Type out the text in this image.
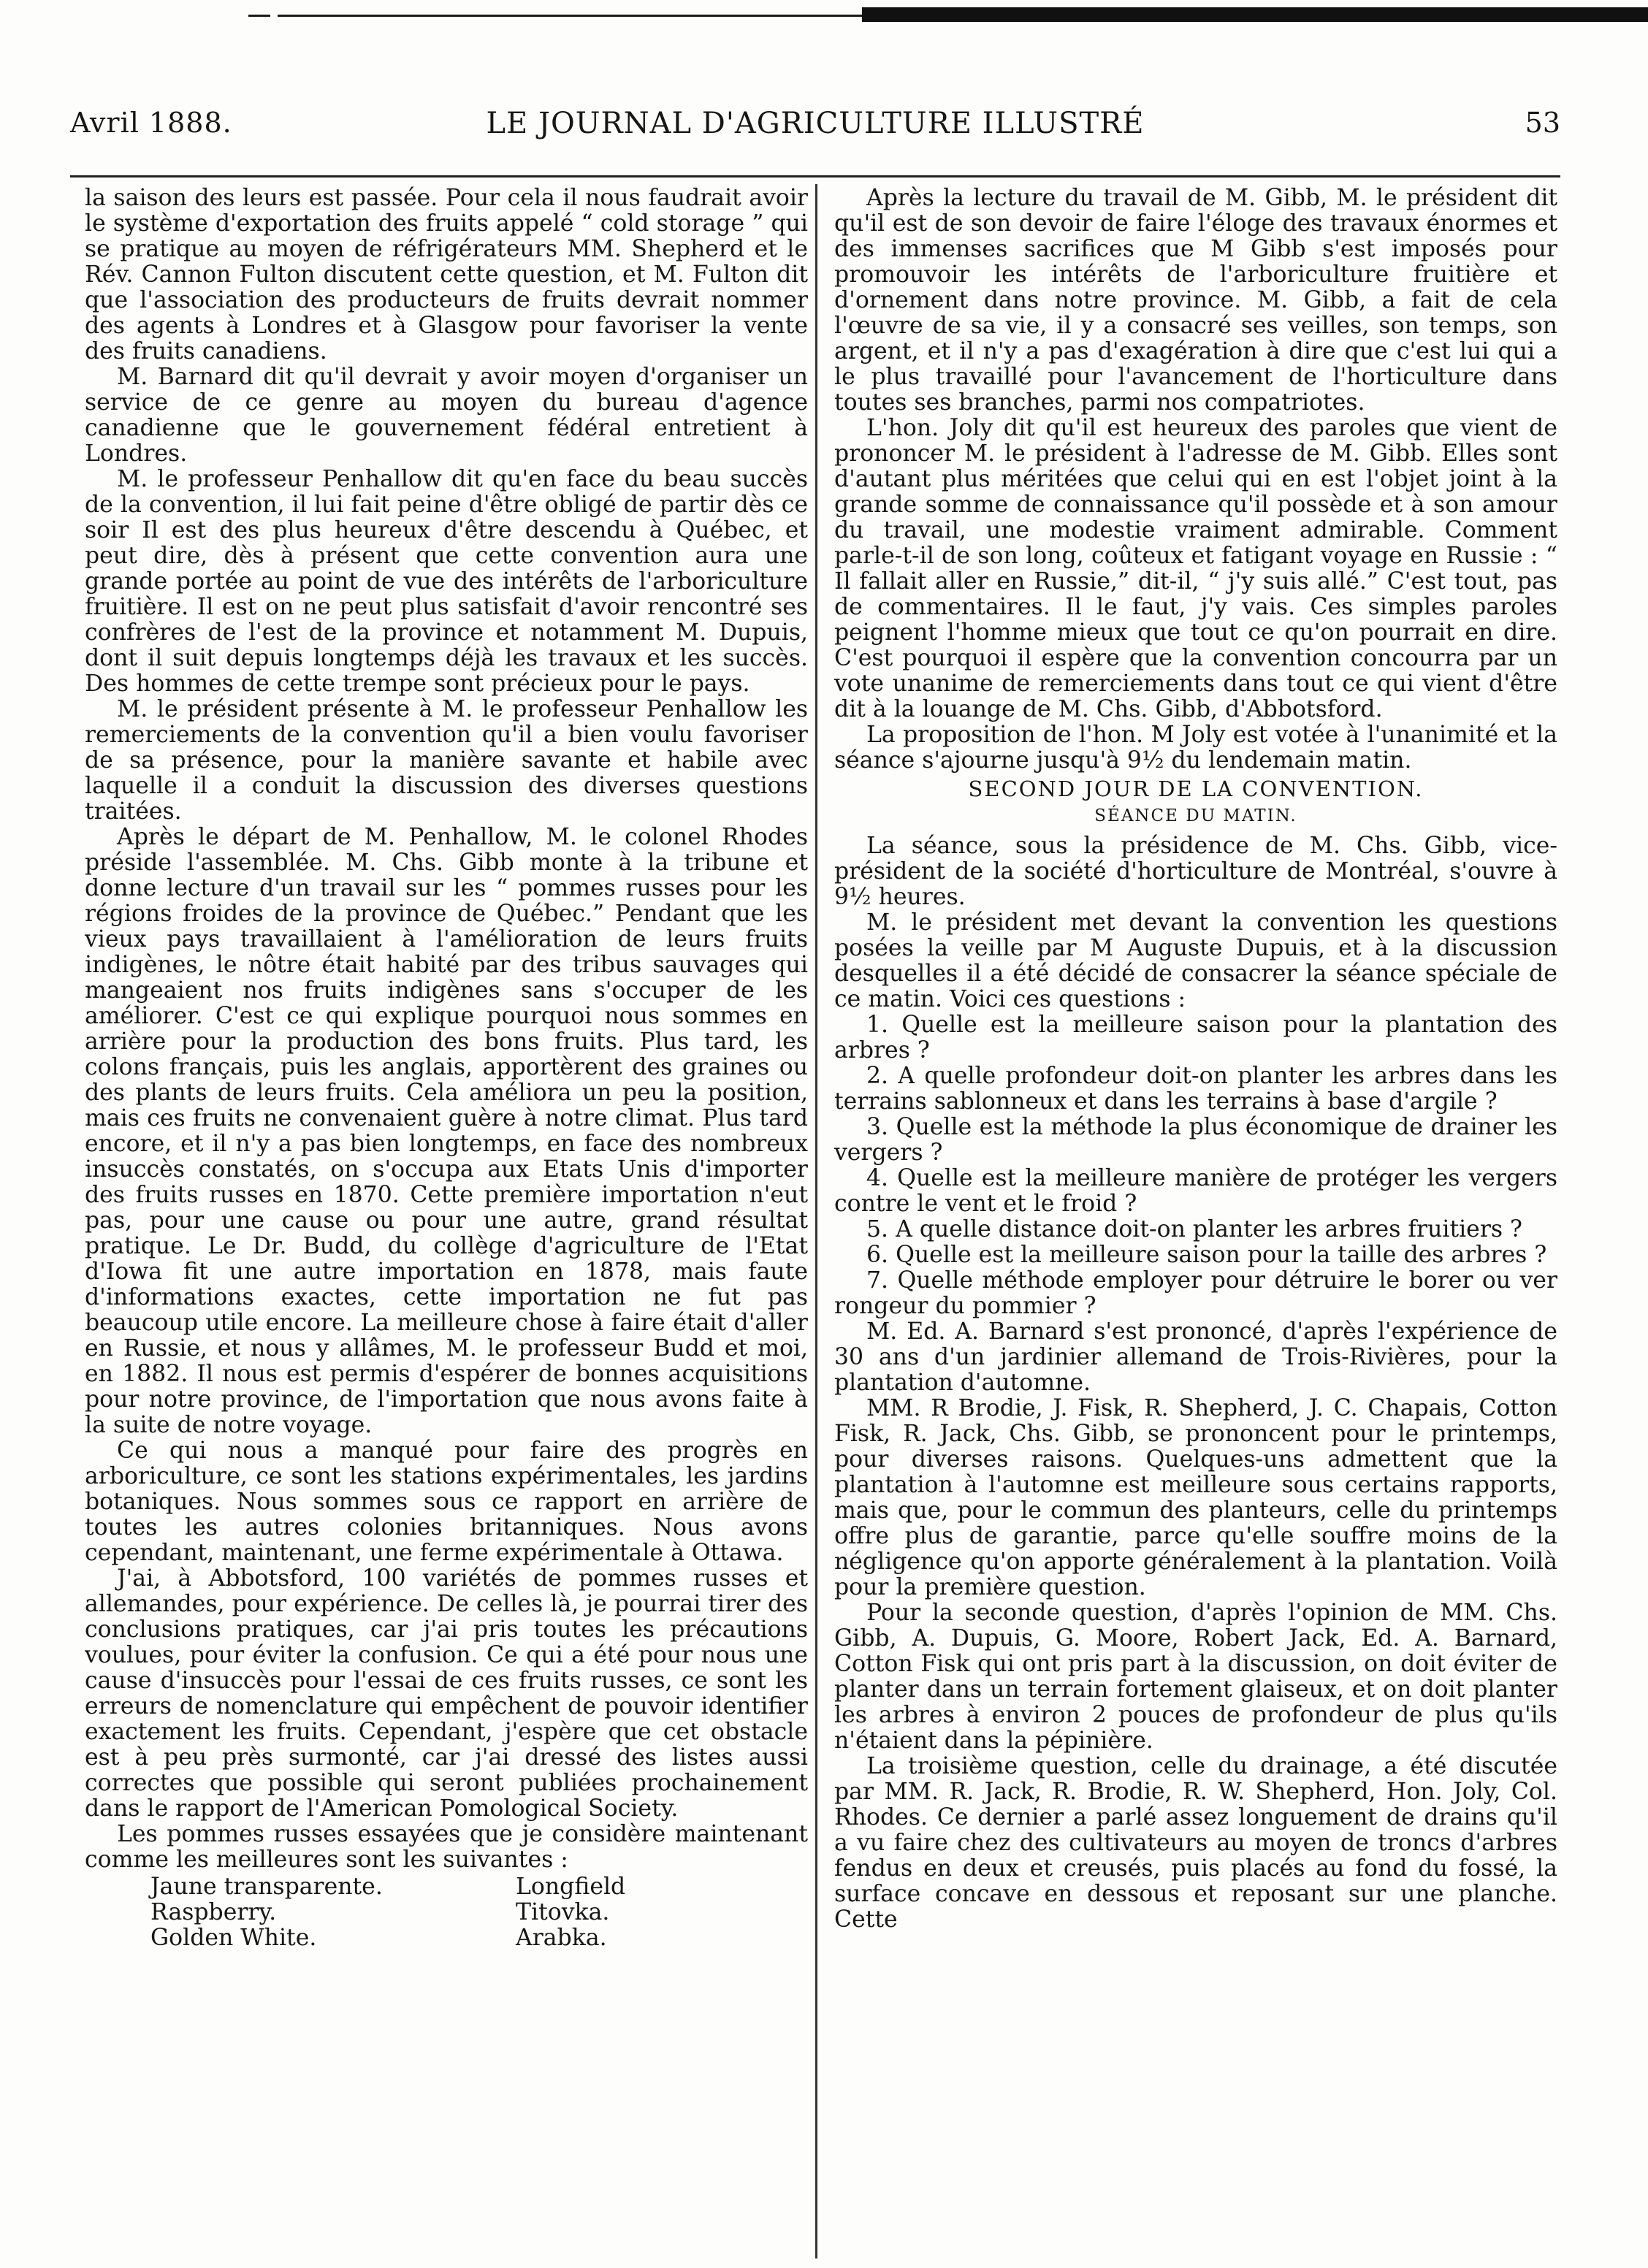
LE JOURNAL D'AGRICULTURE ILLUSTRÉ
Avril 1888.	53

la saison des leurs est passée. Pour cela il nous faudrait avoir le système d'exportation des fruits appelé “ cold storage ” qui se pratique au moyen de réfrigérateurs MM. Shepherd et le Rév. Cannon Fulton discutent cette question, et M. Fulton dit que l'association des producteurs de fruits devrait nommer des agents à Londres et à Glasgow pour favoriser la vente des fruits canadiens.

M. Barnard dit qu'il devrait y avoir moyen d'organiser un service de ce genre au moyen du bureau d'agence canadienne que le gouvernement fédéral entretient à Londres.

M. le professeur Penhallow dit qu'en face du beau succès de la convention, il lui fait peine d'être obligé de partir dès ce soir Il est des plus heureux d'être descendu à Québec, et peut dire, dès à présent que cette convention aura une grande portée au point de vue des intérêts de l'arboriculture fruitière. Il est on ne peut plus satisfait d'avoir rencontré ses confrères de l'est de la province et notamment M. Dupuis, dont il suit depuis longtemps déjà les travaux et les succès. Des hommes de cette trempe sont précieux pour le pays.

M. le président présente à M. le professeur Penhallow les remerciements de la convention qu'il a bien voulu favoriser de sa présence, pour la manière savante et habile avec laquelle il a conduit la discussion des diverses questions traitées.

Après le départ de M. Penhallow, M. le colonel Rhodes préside l'assemblée. M. Chs. Gibb monte à la tribune et donne lecture d'un travail sur les “ pommes russes pour les régions froides de la province de Québec.” Pendant que les vieux pays travaillaient à l'amélioration de leurs fruits indigènes, le nôtre était habité par des tribus sauvages qui mangeaient nos fruits indigènes sans s'occuper de les améliorer. C'est ce qui explique pourquoi nous sommes en arrière pour la production des bons fruits. Plus tard, les colons français, puis les anglais, apportèrent des graines ou des plants de leurs fruits. Cela améliora un peu la position, mais ces fruits ne convenaient guère à notre climat. Plus tard encore, et il n'y a pas bien longtemps, en face des nombreux insuccès constatés, on s'occupa aux Etats Unis d'importer des fruits russes en 1870. Cette première importation n'eut pas, pour une cause ou pour une autre, grand résultat pratique. Le Dr. Budd, du collège d'agriculture de l'Etat d'Iowa fit une autre importation en 1878, mais faute d'informations exactes, cette importation ne fut pas beaucoup utile encore. La meilleure chose à faire était d'aller en Russie, et nous y allâmes, M. le professeur Budd et moi, en 1882. Il nous est permis d'espérer de bonnes acquisitions pour notre province, de l'importation que nous avons faite à la suite de notre voyage.

Ce qui nous a manqué pour faire des progrès en arboriculture, ce sont les stations expérimentales, les jardins botaniques. Nous sommes sous ce rapport en arrière de toutes les autres colonies britanniques. Nous avons cependant, maintenant, une ferme expérimentale à Ottawa.

J'ai, à Abbotsford, 100 variétés de pommes russes et allemandes, pour expérience. De celles là, je pourrai tirer des conclusions pratiques, car j'ai pris toutes les précautions voulues, pour éviter la confusion. Ce qui a été pour nous une cause d'insuccès pour l'essai de ces fruits russes, ce sont les erreurs de nomenclature qui empêchent de pouvoir identifier exactement les fruits. Cependant, j'espère que cet obstacle est à peu près surmonté, car j'ai dressé des listes aussi correctes que possible qui seront publiées prochainement dans le rapport de l'American Pomological Society.

Les pommes russes essayées que je considère maintenant comme les meilleures sont les suivantes :

Jaune transparente.	Longfield
Raspberry.	Titovka.
Golden White.	Arabka.

Après la lecture du travail de M. Gibb, M. le président dit qu'il est de son devoir de faire l'éloge des travaux énormes et des immenses sacrifices que M Gibb s'est imposés pour promouvoir les intérêts de l'arboriculture fruitière et d'ornement dans notre province. M. Gibb, a fait de cela l'œuvre de sa vie, il y a consacré ses veilles, son temps, son argent, et il n'y a pas d'exagération à dire que c'est lui qui a le plus travaillé pour l'avancement de l'horticulture dans toutes ses branches, parmi nos compatriotes.

L'hon. Joly dit qu'il est heureux des paroles que vient de prononcer M. le président à l'adresse de M. Gibb. Elles sont d'autant plus méritées que celui qui en est l'objet joint à la grande somme de connaissance qu'il possède et à son amour du travail, une modestie vraiment admirable. Comment parle-t-il de son long, coûteux et fatigant voyage en Russie : “ Il fallait aller en Russie,” dit-il, “ j'y suis allé.” C'est tout, pas de commentaires. Il le faut, j'y vais. Ces simples paroles peignent l'homme mieux que tout ce qu'on pourrait en dire. C'est pourquoi il espère que la convention concourra par un vote unanime de remerciements dans tout ce qui vient d'être dit à la louange de M. Chs. Gibb, d'Abbotsford.

La proposition de l'hon. M Joly est votée à l'unanimité et la séance s'ajourne jusqu'à 9½ du lendemain matin.

SECOND JOUR DE LA CONVENTION.
SÉANCE DU MATIN.

La séance, sous la présidence de M. Chs. Gibb, vice-président de la société d'horticulture de Montréal, s'ouvre à 9½ heures.

M. le président met devant la convention les questions posées la veille par M Auguste Dupuis, et à la discussion desquelles il a été décidé de consacrer la séance spéciale de ce matin. Voici ces questions :

1. Quelle est la meilleure saison pour la plantation des arbres ?

2. A quelle profondeur doit-on planter les arbres dans les terrains sablonneux et dans les terrains à base d'argile ?

3. Quelle est la méthode la plus économique de drainer les vergers ?

4. Quelle est la meilleure manière de protéger les vergers contre le vent et le froid ?

5. A quelle distance doit-on planter les arbres fruitiers ?

6. Quelle est la meilleure saison pour la taille des arbres ?

7. Quelle méthode employer pour détruire le borer ou ver rongeur du pommier ?

M. Ed. A. Barnard s'est prononcé, d'après l'expérience de 30 ans d'un jardinier allemand de Trois-Rivières, pour la plantation d'automne.

MM. R Brodie, J. Fisk, R. Shepherd, J. C. Chapais, Cotton Fisk, R. Jack, Chs. Gibb, se prononcent pour le printemps, pour diverses raisons. Quelques-uns admettent que la plantation à l'automne est meilleure sous certains rapports, mais que, pour le commun des planteurs, celle du printemps offre plus de garantie, parce qu'elle souffre moins de la négligence qu'on apporte généralement à la plantation. Voilà pour la première question.

Pour la seconde question, d'après l'opinion de MM. Chs. Gibb, A. Dupuis, G. Moore, Robert Jack, Ed. A. Barnard, Cotton Fisk qui ont pris part à la discussion, on doit éviter de planter dans un terrain fortement glaiseux, et on doit planter les arbres à environ 2 pouces de profondeur de plus qu'ils n'étaient dans la pépinière.

La troisième question, celle du drainage, a été discutée par MM. R. Jack, R. Brodie, R. W. Shepherd, Hon. Joly, Col. Rhodes. Ce dernier a parlé assez longuement de drains qu'il a vu faire chez des cultivateurs au moyen de troncs d'arbres fendus en deux et creusés, puis placés au fond du fossé, la surface concave en dessous et reposant sur une planche. Cette
